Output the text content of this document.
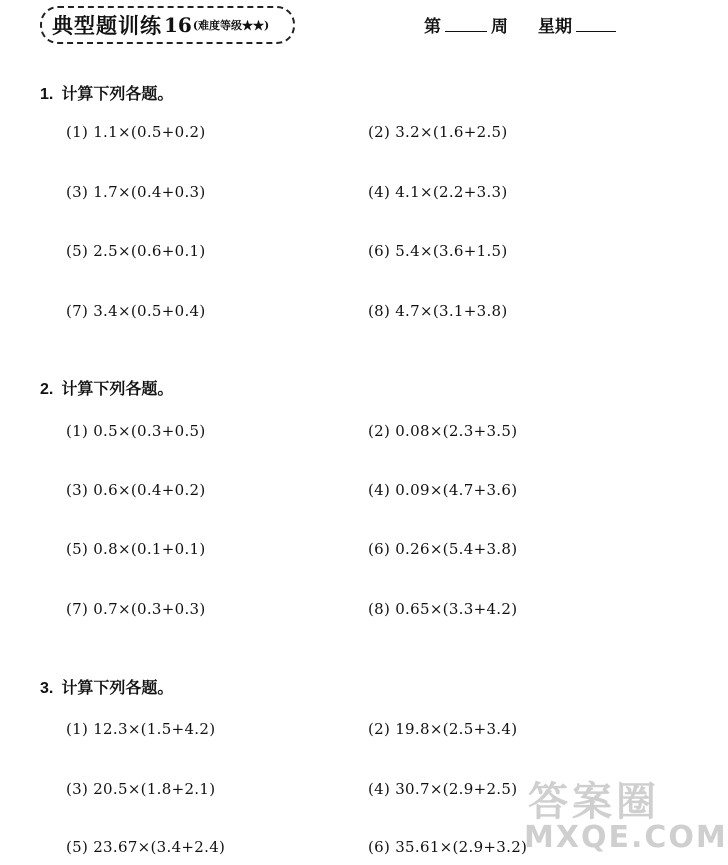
典型题训练 16 (难度等级★★)	第	周 星期
1. 计算下列各题。
(1) 1.1×(0.5+0.2)	(2) 3.2×(1.6+2.5)
(3) 1.7×(0.4+0.3)	(4) 4.1×(2.2+3.3)
(5) 2.5×(0.6+0.1)	(6) 5.4×(3.6+1.5)
(7) 3.4×(0.5+0.4)	(8) 4.7×(3.1+3.8)
2. 计算下列各题。
(1) 0.5×(0.3+0.5)	(2) 0.08×(2.3+3.5)
(3) 0.6×(0.4+0.2)	(4) 0.09×(4.7+3.6)
(5) 0.8×(0.1+0.1)	(6) 0.26×(5.4+3.8)
(7) 0.7×(0.3+0.3)	(8) 0.65×(3.3+4.2)
3. 计算下列各题。
(1) 12.3×(1.5+4.2)	(2) 19.8×(2.5+3.4)
(3) 20.5×(1.8+2.1)	(4) 30.7×(2.9+2.5)
(5) 23.67×(3.4+2.4)	(6) 35.61×(2.9+3.2)
答案圈
MXQE.COM
